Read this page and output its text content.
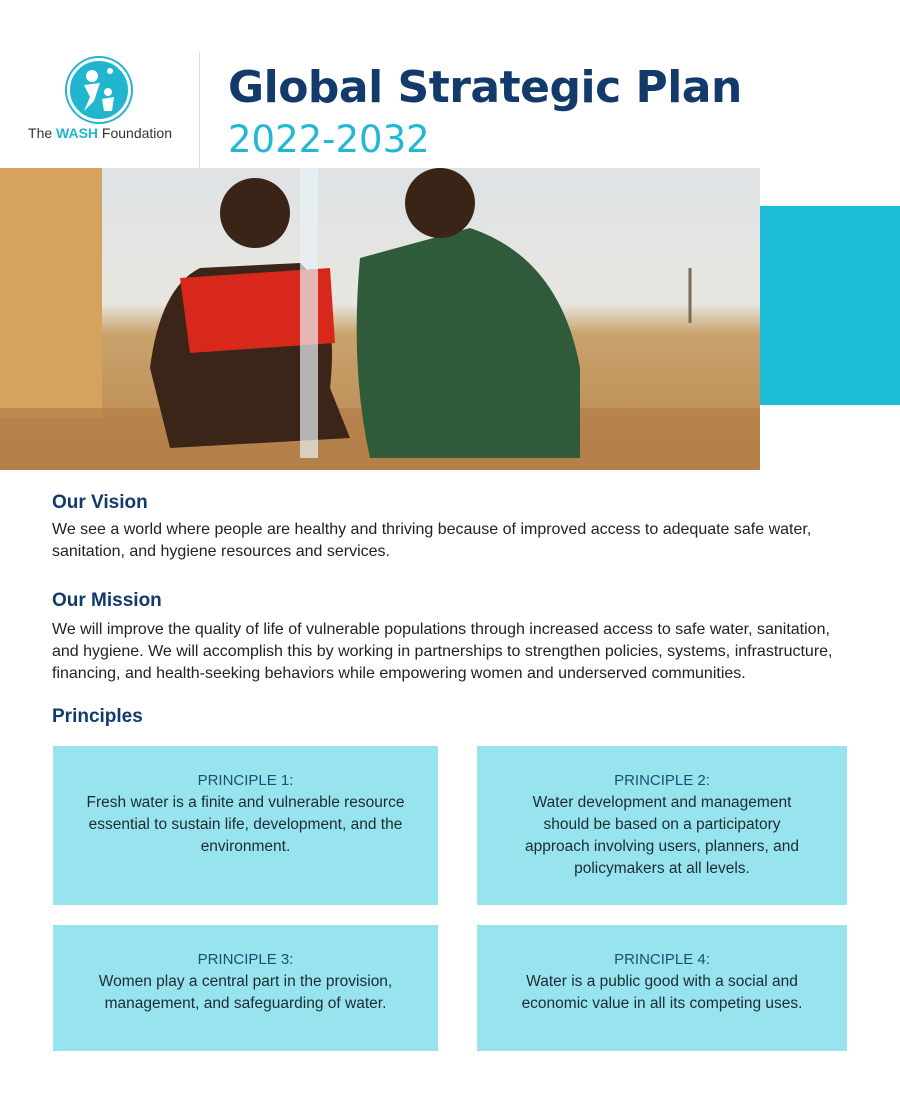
The WASH Foundation
Global Strategic Plan
2022-2032
Our Vision

We see a world where people are healthy and thriving because of improved access to adequate safe water, sanitation, and hygiene resources and services.

Our Mission

We will improve the quality of life of vulnerable populations through increased access to safe water, sanitation, and hygiene. We will accomplish this by working in partnerships to strengthen policies, systems, infrastructure, financing, and health-seeking behaviors while empowering women and underserved communities.

Principles
PRINCIPLE 1:
Fresh water is a finite and vulnerable resource essential to sustain life, development, and the environment.
PRINCIPLE 2:
Water development and management should be based on a participatory approach involving users, planners, and policymakers at all levels.
PRINCIPLE 3:
Women play a central part in the provision, management, and safeguarding of water.
PRINCIPLE 4:
Water is a public good with a social and economic value in all its competing uses.
